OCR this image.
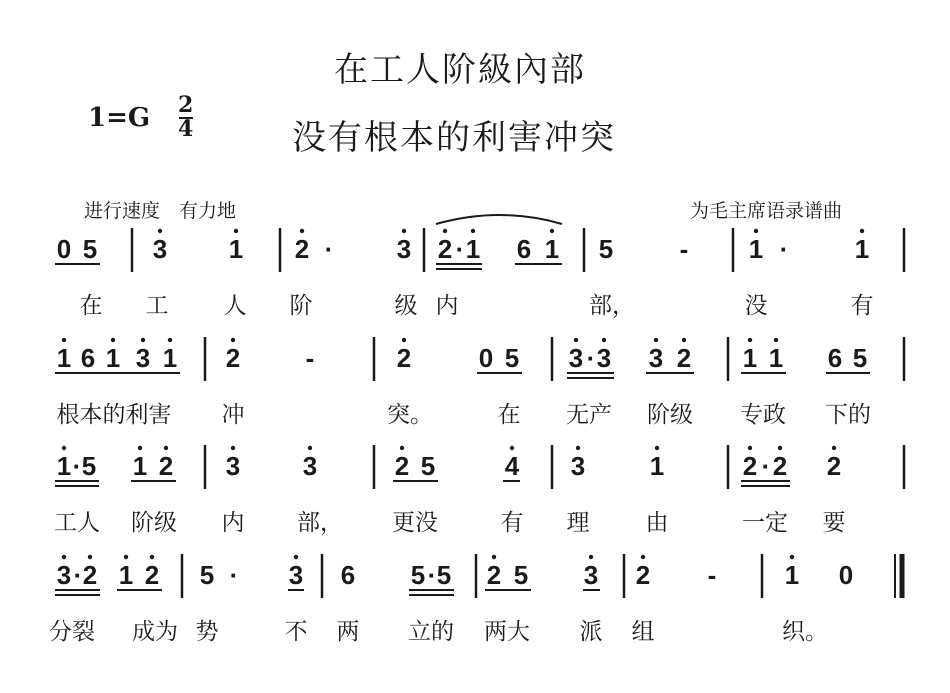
在工人阶級內部
1=G 2
4	没有根本的利害冲突
进行速度　有力地	为毛主席语录谱曲
0 5 3 1 2 · 3 2 · 1 6 1 5	- 1 ·	1
在 工 人 阶	级 内	部，	没	有
1 6 1 3 1 2	-	2	0 5 3 · 3 3 2 1 1 6 5
根本的利害 冲	突。	在 无产 阶级 专政 下的
1 · 5 1 2 3 3	2 5	4 3 1	2 · 2 2
工人 阶级 内 部， 更没	有 理 由	一定 要
3 · 2 1 2 5 · 3 6 5 · 5 2 5 3 2 -	1 0
分裂 成为 势	不 两 立的 两大 派 组	织。
